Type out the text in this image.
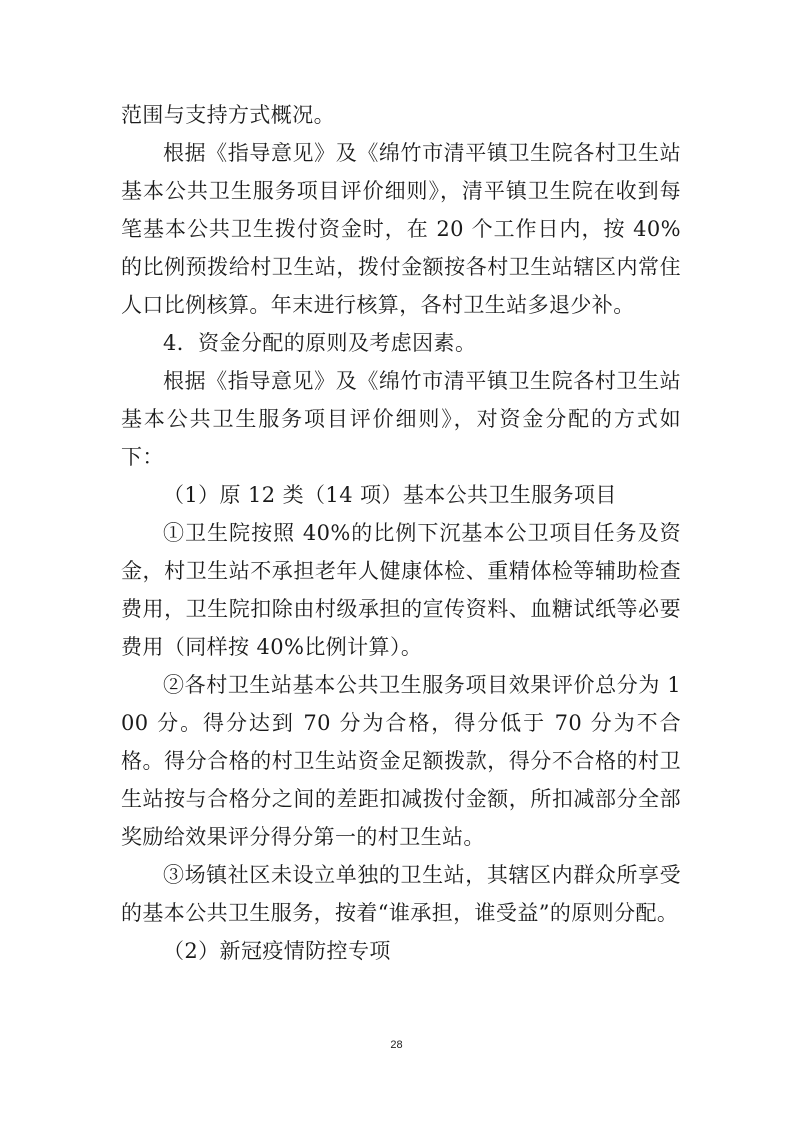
范围与支持方式概况。

根据《指导意见》及《绵竹市清平镇卫生院各村卫生站基本公共卫生服务项目评价细则》，清平镇卫生院在收到每笔基本公共卫生拨付资金时，在 20 个工作日内，按 40%的比例预拨给村卫生站，拨付金额按各村卫生站辖区内常住人口比例核算。年末进行核算，各村卫生站多退少补。

4．资金分配的原则及考虑因素。

根据《指导意见》及《绵竹市清平镇卫生院各村卫生站基本公共卫生服务项目评价细则》，对资金分配的方式如下：

（1）原 12 类（14 项）基本公共卫生服务项目

①卫生院按照 40%的比例下沉基本公卫项目任务及资金，村卫生站不承担老年人健康体检、重精体检等辅助检查费用，卫生院扣除由村级承担的宣传资料、血糖试纸等必要费用（同样按 40%比例计算）。

②各村卫生站基本公共卫生服务项目效果评价总分为 100 分。得分达到 70 分为合格，得分低于 70 分为不合格。得分合格的村卫生站资金足额拨款，得分不合格的村卫生站按与合格分之间的差距扣减拨付金额，所扣减部分全部奖励给效果评分得分第一的村卫生站。

③场镇社区未设立单独的卫生站，其辖区内群众所享受的基本公共卫生服务，按着“谁承担，谁受益”的原则分配。

（2）新冠疫情防控专项

28
